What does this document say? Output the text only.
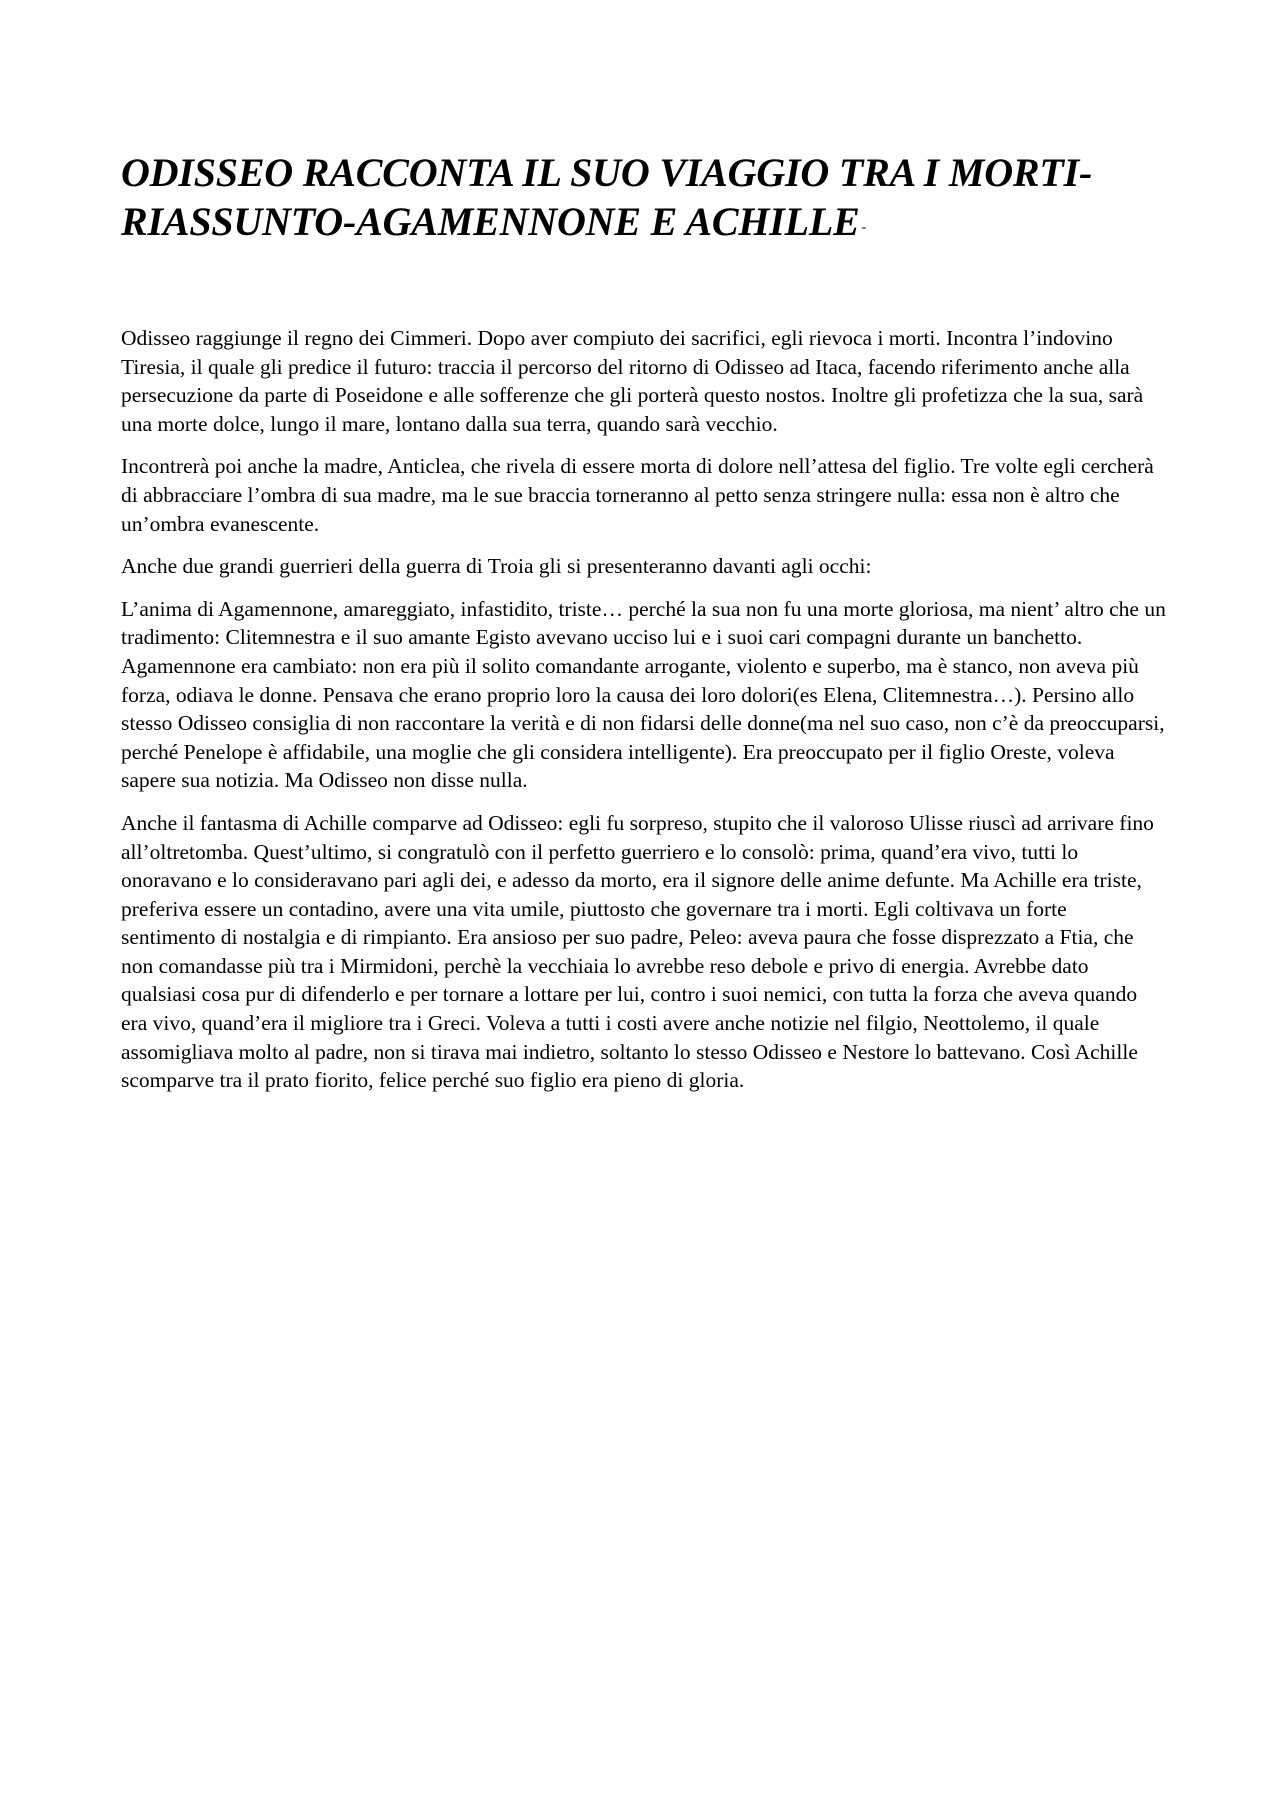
ODISSEO RACCONTA IL SUO VIAGGIO TRA I MORTI-RIASSUNTO-AGAMENNONE E ACHILLE -

Odisseo raggiunge il regno dei Cimmeri. Dopo aver compiuto dei sacrifici, egli rievoca i morti. Incontra l’indovino Tiresia, il quale gli predice il futuro: traccia il percorso del ritorno di Odisseo ad Itaca, facendo riferimento anche alla persecuzione da parte di Poseidone e alle sofferenze che gli porterà questo nostos. Inoltre gli profetizza che la sua, sarà una morte dolce, lungo il mare, lontano dalla sua terra, quando sarà vecchio.

Incontrerà poi anche la madre, Anticlea, che rivela di essere morta di dolore nell’attesa del figlio. Tre volte egli cercherà di abbracciare l’ombra di sua madre, ma le sue braccia torneranno al petto senza stringere nulla: essa non è altro che un’ombra evanescente.

Anche due grandi guerrieri della guerra di Troia gli si presenteranno davanti agli occhi:

L’anima di Agamennone, amareggiato, infastidito, triste… perché la sua non fu una morte gloriosa, ma nient’ altro che un tradimento: Clitemnestra e il suo amante Egisto avevano ucciso lui e i suoi cari compagni durante un banchetto. Agamennone era cambiato: non era più il solito comandante arrogante, violento e superbo, ma è stanco, non aveva più forza, odiava le donne. Pensava che erano proprio loro la causa dei loro dolori(es Elena, Clitemnestra…). Persino allo stesso Odisseo consiglia di non raccontare la verità e di non fidarsi delle donne(ma nel suo caso, non c’è da preoccuparsi, perché Penelope è affidabile, una moglie che gli considera intelligente). Era preoccupato per il figlio Oreste, voleva sapere sua notizia. Ma Odisseo non disse nulla.

Anche il fantasma di Achille comparve ad Odisseo: egli fu sorpreso, stupito che il valoroso Ulisse riuscì ad arrivare fino all’oltretomba. Quest’ultimo, si congratulò con il perfetto guerriero e lo consolò: prima, quand’era vivo, tutti lo onoravano e lo consideravano pari agli dei, e adesso da morto, era il signore delle anime defunte. Ma Achille era triste, preferiva essere un contadino, avere una vita umile, piuttosto che governare tra i morti. Egli coltivava un forte sentimento di nostalgia e di rimpianto. Era ansioso per suo padre, Peleo: aveva paura che fosse disprezzato a Ftia, che non comandasse più tra i Mirmidoni, perchè la vecchiaia lo avrebbe reso debole e privo di energia. Avrebbe dato qualsiasi cosa pur di difenderlo e per tornare a lottare per lui, contro i suoi nemici, con tutta la forza che aveva quando era vivo, quand’era il migliore tra i Greci. Voleva a tutti i costi avere anche notizie nel filgio, Neottolemo, il quale assomigliava molto al padre, non si tirava mai indietro, soltanto lo stesso Odisseo e Nestore lo battevano. Così Achille scomparve tra il prato fiorito, felice perché suo figlio era pieno di gloria.
